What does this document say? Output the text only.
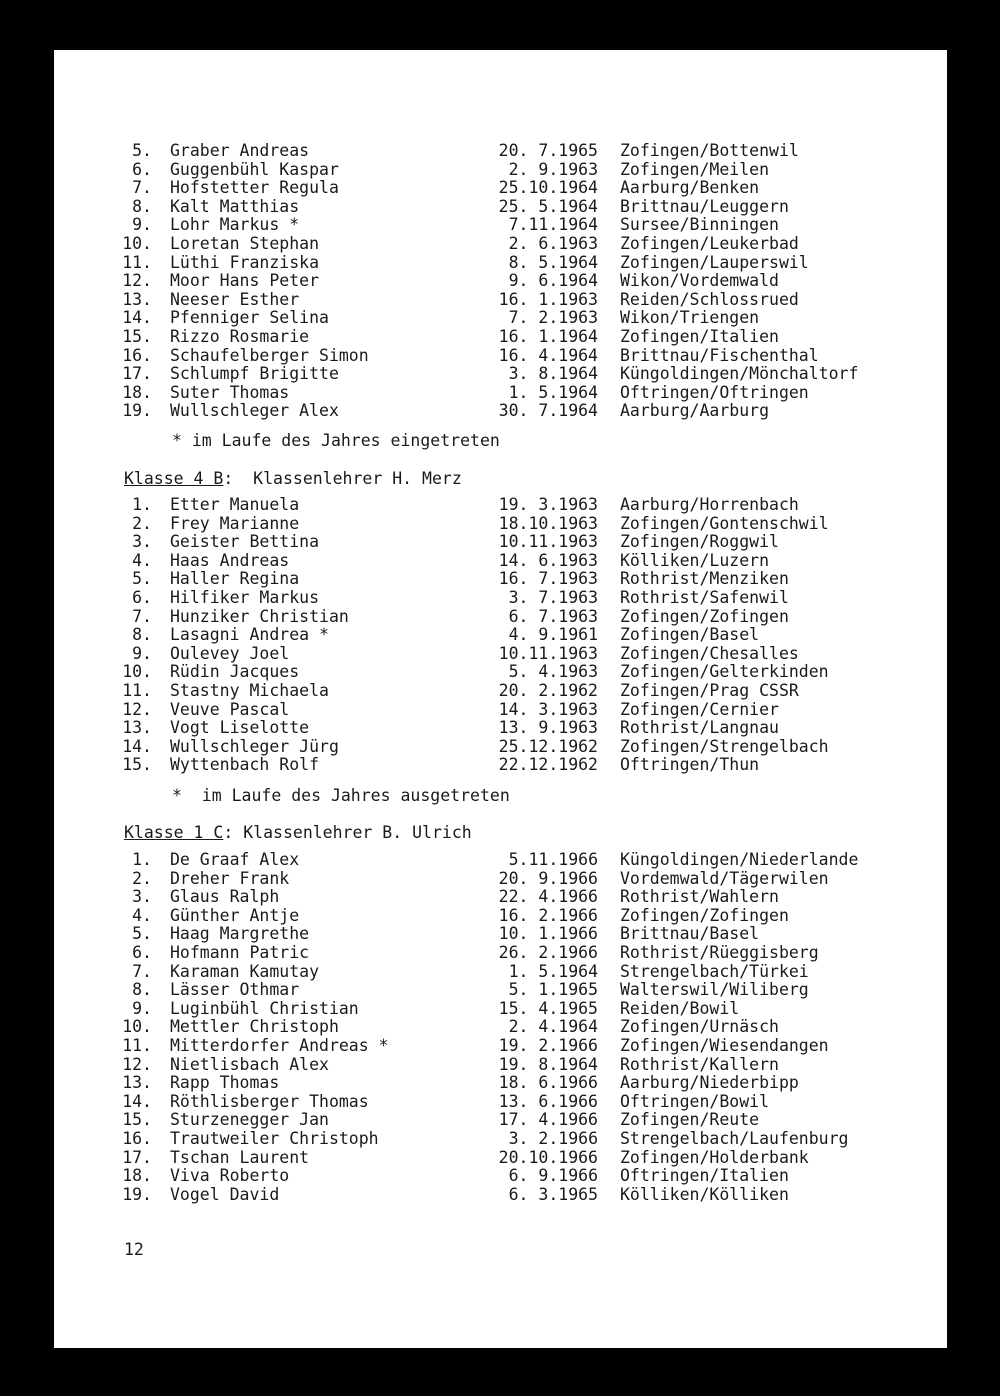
5. Graber Andreas	20. 7.1965 Zofingen/Bottenwil
6. Guggenbühl Kaspar	2. 9.1963 Zofingen/Meilen
7. Hofstetter Regula	25.10.1964 Aarburg/Benken
8. Kalt Matthias	25. 5.1964 Brittnau/Leuggern
9. Lohr Markus *	7.11.1964 Sursee/Binningen
10. Loretan Stephan	2. 6.1963 Zofingen/Leukerbad
11. Lüthi Franziska	8. 5.1964 Zofingen/Lauperswil
12. Moor Hans Peter	9. 6.1964 Wikon/Vordemwald
13. Neeser Esther	16. 1.1963 Reiden/Schlossrued
14. Pfenniger Selina	7. 2.1963 Wikon/Triengen
15. Rizzo Rosmarie	16. 1.1964 Zofingen/Italien
16. Schaufelberger Simon	16. 4.1964 Brittnau/Fischenthal
17. Schlumpf Brigitte	3. 8.1964 Küngoldingen/Mönchaltorf
18. Suter Thomas	1. 5.1964 Oftringen/Oftringen
19. Wullschleger Alex	30. 7.1964 Aarburg/Aarburg
* im Laufe des Jahres eingetreten
Klasse 4 B:  Klassenlehrer H. Merz
1. Etter Manuela	19. 3.1963 Aarburg/Horrenbach
2. Frey Marianne	18.10.1963 Zofingen/Gontenschwil
3. Geister Bettina	10.11.1963 Zofingen/Roggwil
4. Haas Andreas	14. 6.1963 Kölliken/Luzern
5. Haller Regina	16. 7.1963 Rothrist/Menziken
6. Hilfiker Markus	3. 7.1963 Rothrist/Safenwil
7. Hunziker Christian	6. 7.1963 Zofingen/Zofingen
8. Lasagni Andrea *	4. 9.1961 Zofingen/Basel
9. Oulevey Joel	10.11.1963 Zofingen/Chesalles
10. Rüdin Jacques	5. 4.1963 Zofingen/Gelterkinden
11. Stastny Michaela	20. 2.1962 Zofingen/Prag CSSR
12. Veuve Pascal	14. 3.1963 Zofingen/Cernier
13. Vogt Liselotte	13. 9.1963 Rothrist/Langnau
14. Wullschleger Jürg	25.12.1962 Zofingen/Strengelbach
15. Wyttenbach Rolf	22.12.1962 Oftringen/Thun
*  im Laufe des Jahres ausgetreten
Klasse 1 C: Klassenlehrer B. Ulrich
1. De Graaf Alex	5.11.1966 Küngoldingen/Niederlande
2. Dreher Frank	20. 9.1966 Vordemwald/Tägerwilen
3. Glaus Ralph	22. 4.1966 Rothrist/Wahlern
4. Günther Antje	16. 2.1966 Zofingen/Zofingen
5. Haag Margrethe	10. 1.1966 Brittnau/Basel
6. Hofmann Patric	26. 2.1966 Rothrist/Rüeggisberg
7. Karaman Kamutay	1. 5.1964 Strengelbach/Türkei
8. Lässer Othmar	5. 1.1965 Walterswil/Wiliberg
9. Luginbühl Christian	15. 4.1965 Reiden/Bowil
10. Mettler Christoph	2. 4.1964 Zofingen/Urnäsch
11. Mitterdorfer Andreas *	19. 2.1966 Zofingen/Wiesendangen
12. Nietlisbach Alex	19. 8.1964 Rothrist/Kallern
13. Rapp Thomas	18. 6.1966 Aarburg/Niederbipp
14. Röthlisberger Thomas	13. 6.1966 Oftringen/Bowil
15. Sturzenegger Jan	17. 4.1966 Zofingen/Reute
16. Trautweiler Christoph	3. 2.1966 Strengelbach/Laufenburg
17. Tschan Laurent	20.10.1966 Zofingen/Holderbank
18. Viva Roberto	6. 9.1966 Oftringen/Italien
19. Vogel David	6. 3.1965 Kölliken/Kölliken
12
